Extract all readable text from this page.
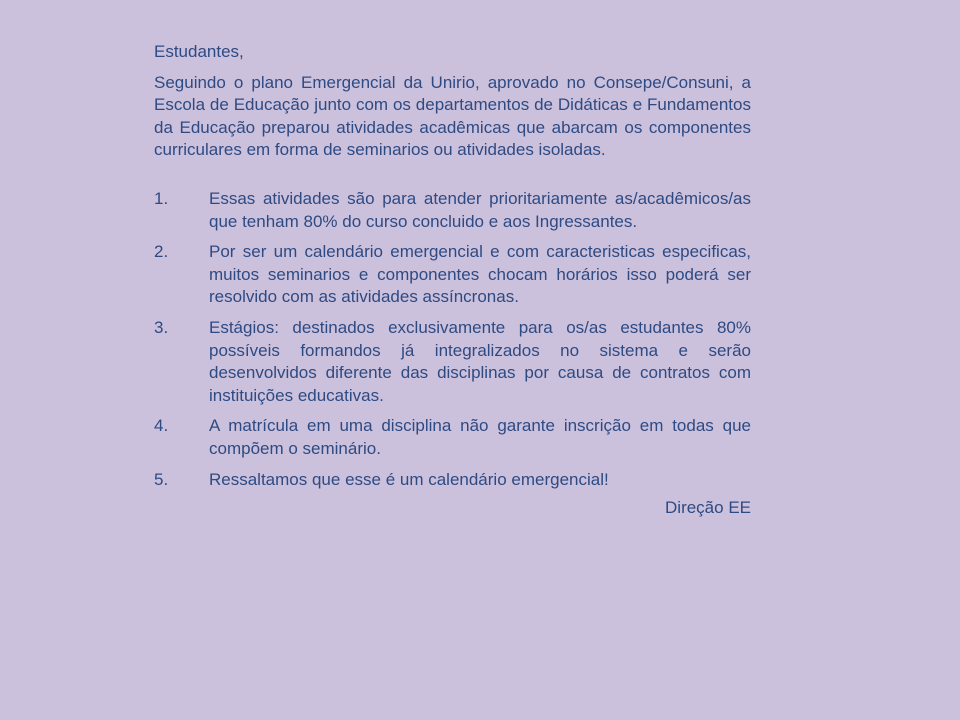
Estudantes,

Seguindo o plano Emergencial da Unirio, aprovado no Consepe/Consuni, a Escola de Educação junto com os departamentos de Didáticas e Fundamentos da Educação preparou atividades acadêmicas que abarcam os componentes curriculares em forma de seminarios ou atividades isoladas.

1. Essas atividades são para atender prioritariamente as/acadêmicos/as que tenham 80% do curso concluido e aos Ingressantes.
2. Por ser um calendário emergencial e com caracteristicas especificas, muitos seminarios e componentes chocam horários isso poderá ser resolvido com as atividades assíncronas.
3. Estágios: destinados exclusivamente para os/as estudantes 80% possíveis formandos já integralizados no sistema e serão desenvolvidos diferente das disciplinas por causa de contratos com instituições educativas.
4. A matrícula em uma disciplina não garante inscrição em todas que compõem o seminário.
5. Ressaltamos que esse é um calendário emergencial!
Direção EE
